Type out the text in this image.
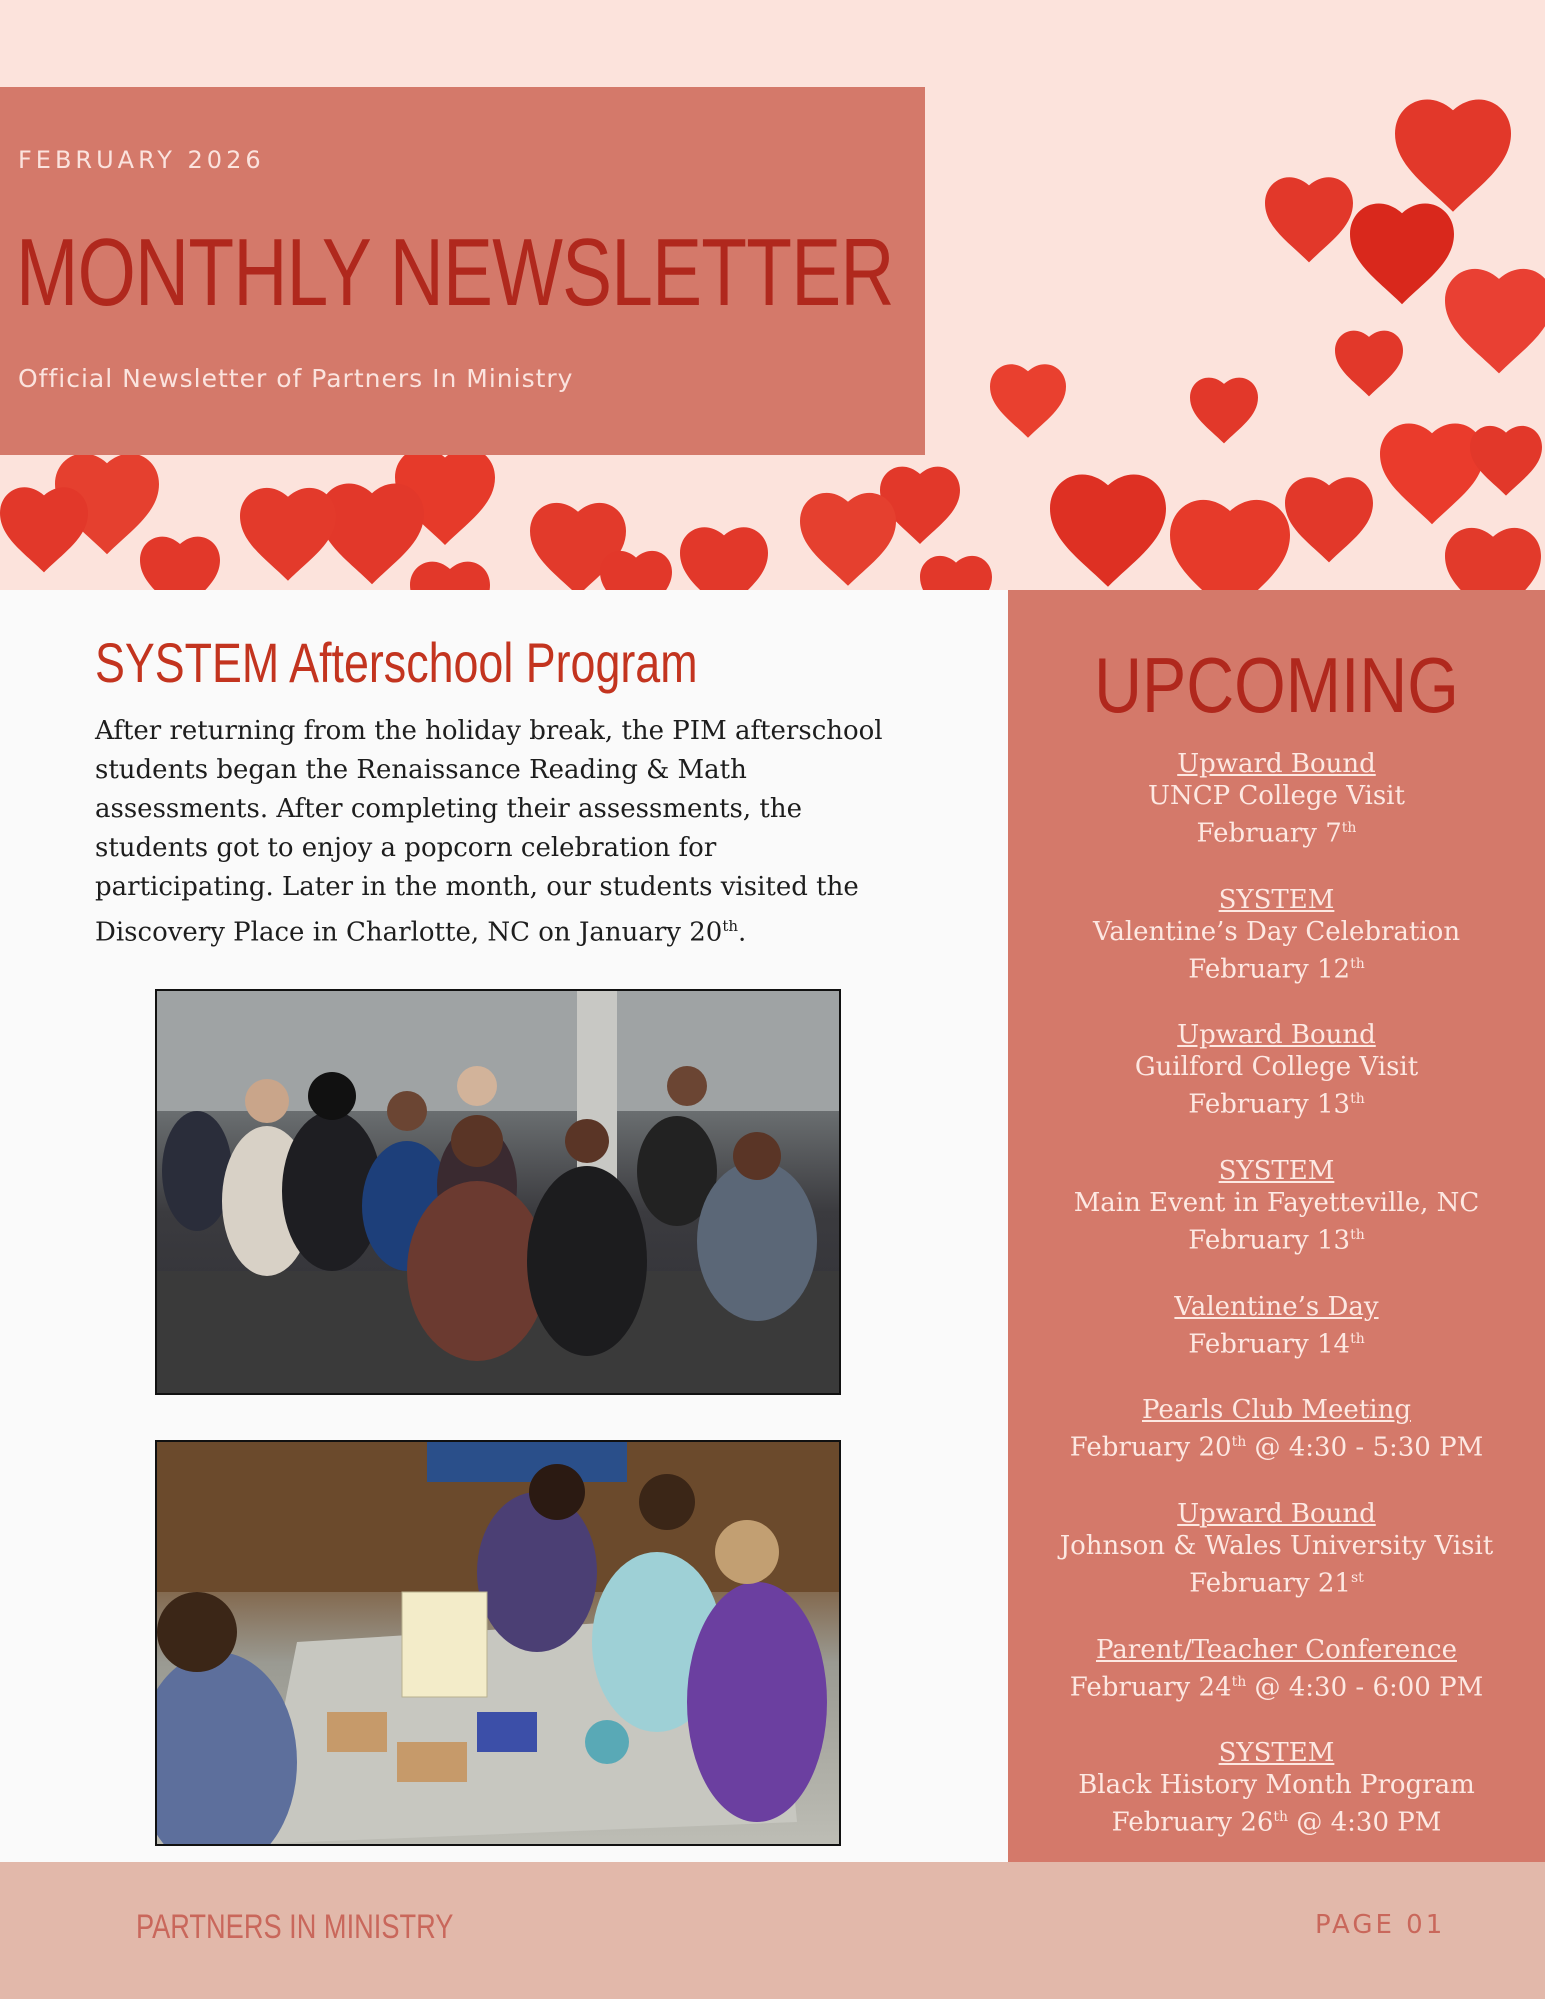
FEBRUARY 2026
MONTHLY NEWSLETTER
Official Newsletter of Partners In Ministry
SYSTEM Afterschool Program
After returning from the holiday break, the PIM afterschool students began the Renaissance Reading & Math assessments. After completing their assessments, the students got to enjoy a popcorn celebration for participating. Later in the month, our students visited the Discovery Place in Charlotte, NC on January 20th.
UPCOMING
Upward Bound
UNCP College Visit
February 7th
SYSTEM
Valentine’s Day Celebration
February 12th
Upward Bound
Guilford College Visit
February 13th
SYSTEM
Main Event in Fayetteville, NC
February 13th
Valentine’s Day
February 14th
Pearls Club Meeting
February 20th @ 4:30 - 5:30 PM
Upward Bound
Johnson & Wales University Visit
February 21st
Parent/Teacher Conference
February 24th @ 4:30 - 6:00 PM
SYSTEM
Black History Month Program
February 26th @ 4:30 PM
PARTNERS IN MINISTRY	PAGE 01
